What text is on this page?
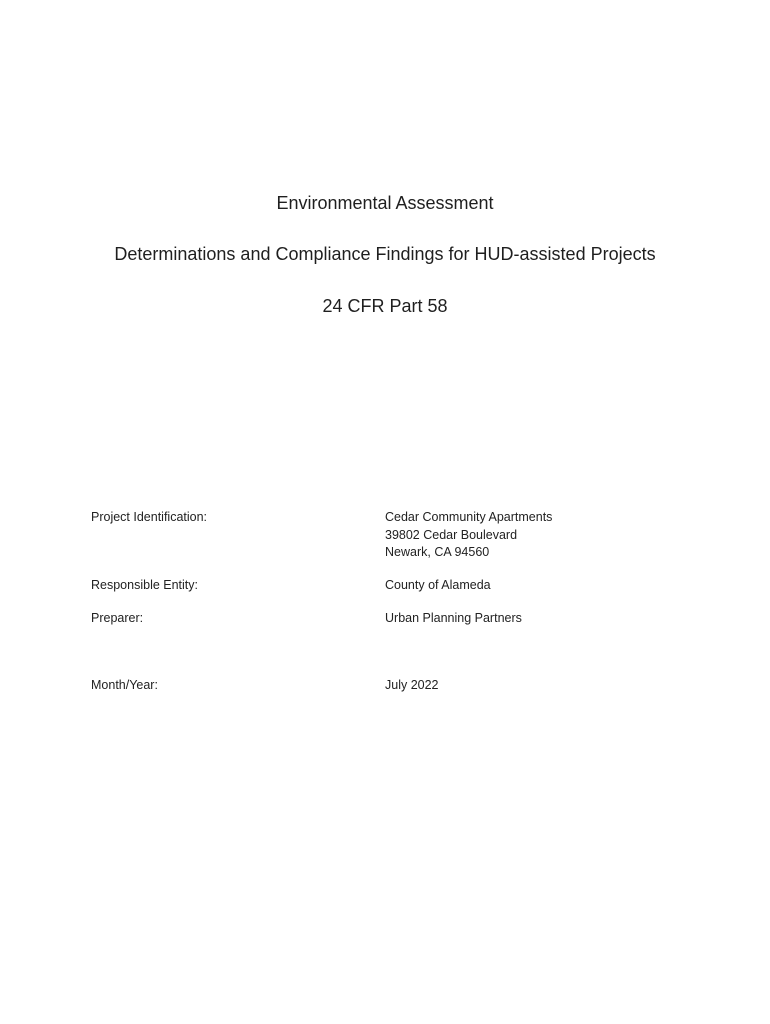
Environmental Assessment
Determinations and Compliance Findings for HUD-assisted Projects
24 CFR Part 58
Project Identification:	Cedar Community Apartments
39802 Cedar Boulevard
Newark, CA 94560
Responsible Entity:	County of Alameda
Preparer:	Urban Planning Partners
Month/Year:	July 2022
